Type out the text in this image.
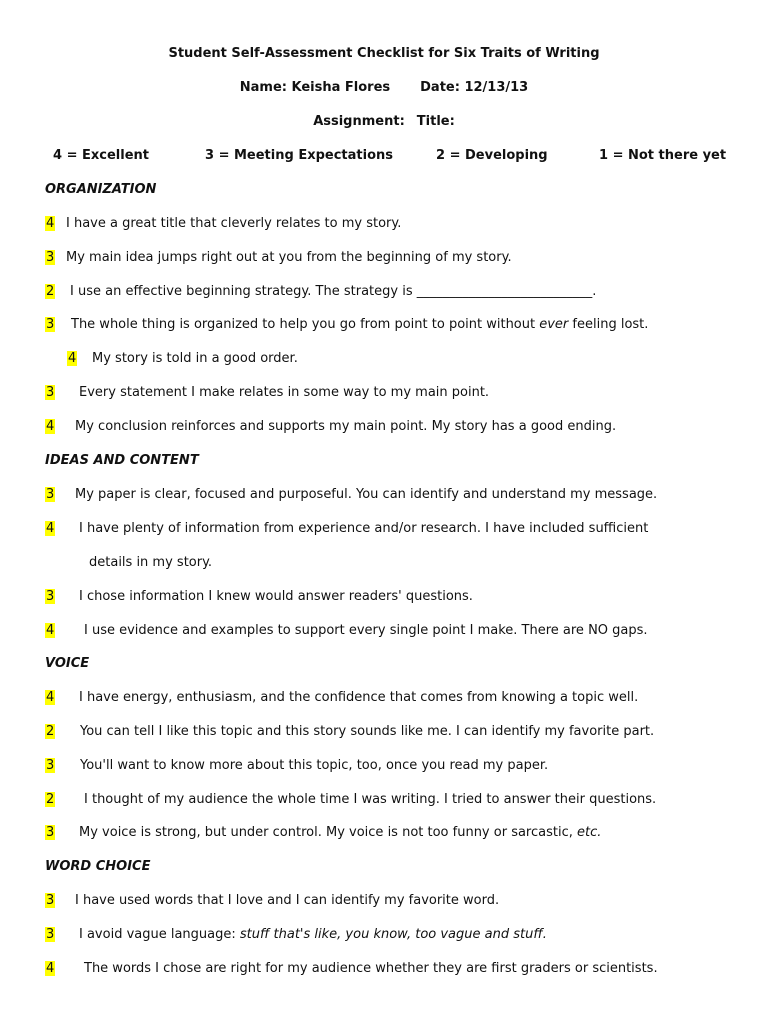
Student Self-Assessment Checklist for Six Traits of Writing
Name: Keisha Flores Date: 12/13/13
Assignment: Title:
4 = Excellent	3 = Meeting Expectations	2 = Developing	1 = Not there yet
ORGANIZATION
4 I have a great title that cleverly relates to my story.
3 My main idea jumps right out at you from the beginning of my story.
2 I use an effective beginning strategy. The strategy is ___________________________.
3 The whole thing is organized to help you go from point to point without ever feeling lost.
4 My story is told in a good order.
3 Every statement I make relates in some way to my main point.
4 My conclusion reinforces and supports my main point. My story has a good ending.
IDEAS AND CONTENT
3 My paper is clear, focused and purposeful. You can identify and understand my message.
4 I have plenty of information from experience and/or research. I have included sufficient
details in my story.
3 I chose information I knew would answer readers' questions.
4 I use evidence and examples to support every single point I make. There are NO gaps.
VOICE
4 I have energy, enthusiasm, and the confidence that comes from knowing a topic well.
2 You can tell I like this topic and this story sounds like me. I can identify my favorite part.
3 You'll want to know more about this topic, too, once you read my paper.
2 I thought of my audience the whole time I was writing. I tried to answer their questions.
3 My voice is strong, but under control. My voice is not too funny or sarcastic, etc.
WORD CHOICE
3 I have used words that I love and I can identify my favorite word.
3 I avoid vague language: stuff that's like, you know, too vague and stuff.
4 The words I chose are right for my audience whether they are first graders or scientists.
